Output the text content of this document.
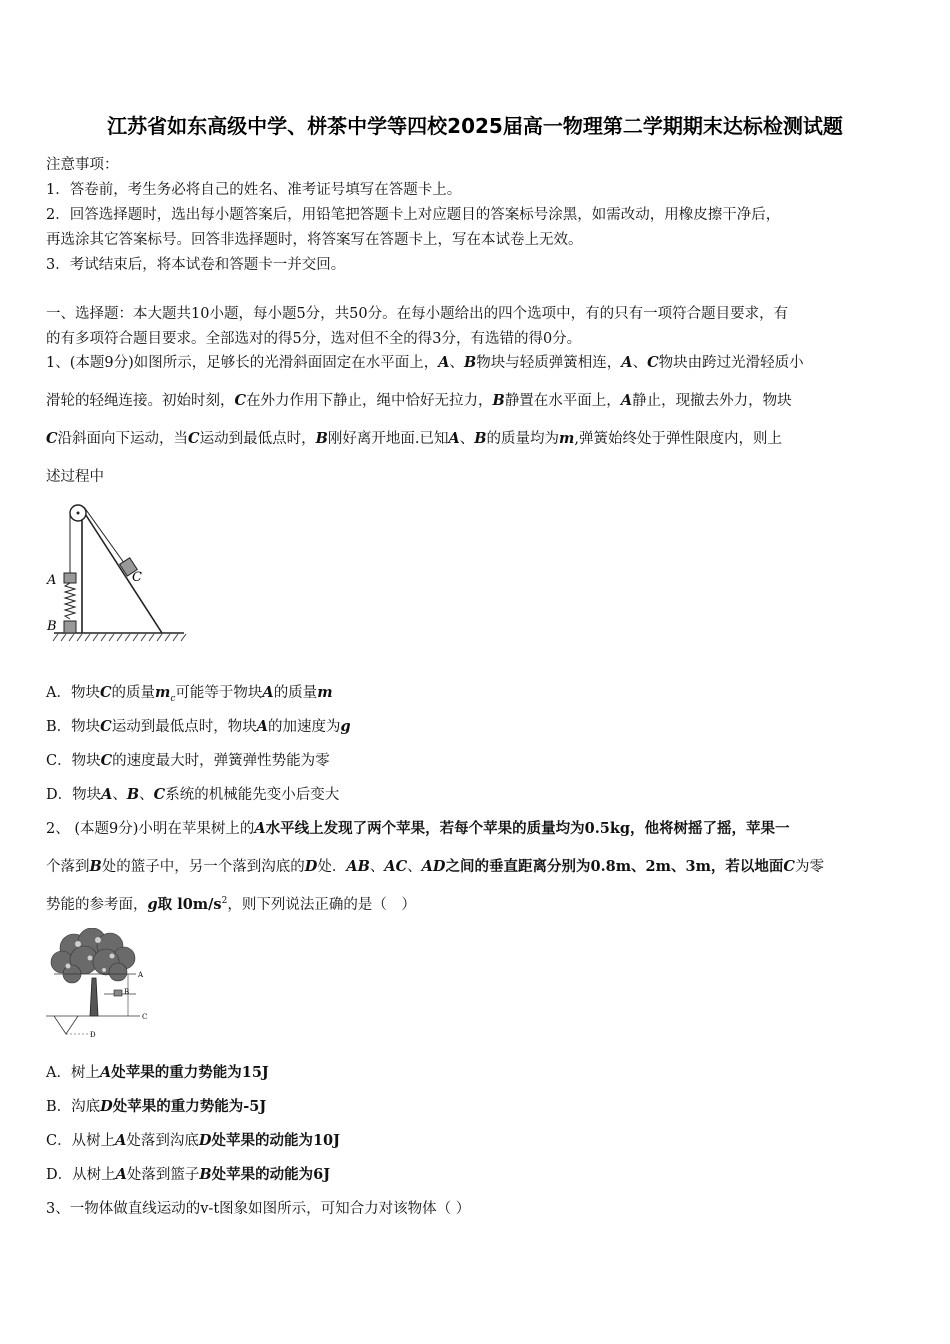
江苏省如东高级中学、栟茶中学等四校2025届高一物理第二学期期末达标检测试题
注意事项：
1．答卷前，考生务必将自己的姓名、准考证号填写在答题卡上。
2．回答选择题时，选出每小题答案后，用铅笔把答题卡上对应题目的答案标号涂黑，如需改动，用橡皮擦干净后，
再选涂其它答案标号。回答非选择题时，将答案写在答题卡上，写在本试卷上无效。
3．考试结束后，将本试卷和答题卡一并交回。
一、选择题：本大题共10小题，每小题5分，共50分。在每小题给出的四个选项中，有的只有一项符合题目要求，有
的有多项符合题目要求。全部选对的得5分，选对但不全的得3分，有选错的得0分。
1、(本题9分)如图所示，足够长的光滑斜面固定在水平面上，A、B物块与轻质弹簧相连，A、C物块由跨过光滑轻质小
滑轮的轻绳连接。初始时刻，C在外力作用下静止，绳中恰好无拉力，B静置在水平面上，A静止，现撤去外力，物块
C沿斜面向下运动，当C运动到最低点时，B刚好离开地面.已知A、B的质量均为m,弹簧始终处于弹性限度内，则上
述过程中
A
B
C
A．物块C的质量$m_c$可能等于物块A的质量m
B．物块C运动到最低点时，物块A的加速度为g
C．物块C的速度最大时，弹簧弹性势能为零
D．物块A、B、C系统的机械能先变小后变大
2、 (本题9分)小明在苹果树上的A水平线上发现了两个苹果，若每个苹果的质量均为0.5kg，他将树摇了摇，苹果一
个落到B处的篮子中，另一个落到沟底的D处．AB、AC、AD之间的垂直距离分别为0.8m、2m、3m，若以地面C为零
势能的参考面，g取 $l0m/s^2$，则下列说法正确的是（　）
A
B
C
D
A．树上A处苹果的重力势能为15J
B．沟底D处苹果的重力势能为-5J
C．从树上A处落到沟底D处苹果的动能为10J
D．从树上A处落到篮子B处苹果的动能为6J
3、一物体做直线运动的v-t图象如图所示，可知合力对该物体（ ）
